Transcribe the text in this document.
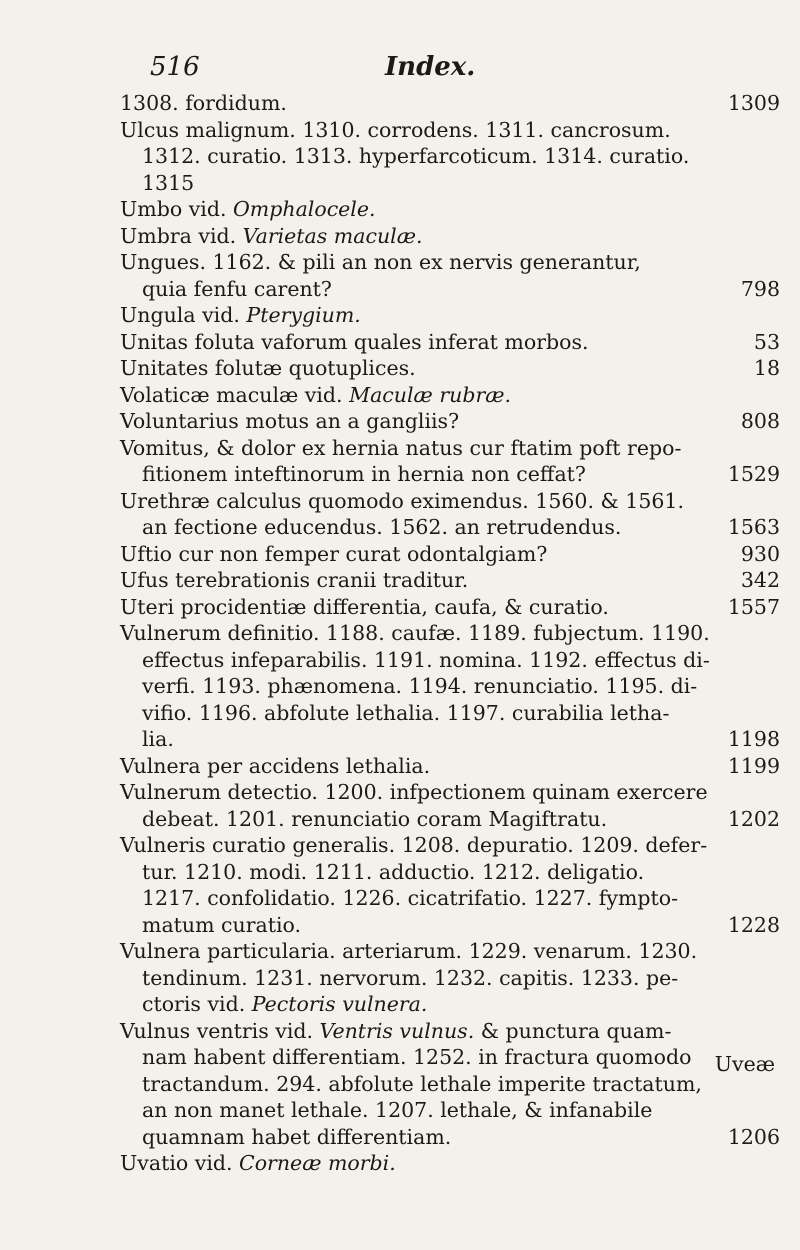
516	Index.
1308. fordidum.	1309
Ulcus malignum. 1310. corrodens. 1311. cancrosum.
1312. curatio. 1313. hyperfarcoticum. 1314. curatio.
1315
Umbo vid. Omphalocele.
Umbra vid. Varietas maculæ.
Ungues. 1162. & pili an non ex nervis generantur,
quia fenfu carent?	798
Ungula vid. Pterygium.
Unitas foluta vaforum quales inferat morbos.	53
Unitates folutæ quotuplices.	18
Volaticæ maculæ vid. Maculæ rubræ.
Voluntarius motus an a gangliis?	808
Vomitus, & dolor ex hernia natus cur ftatim poft repo-
fitionem inteftinorum in hernia non ceffat?	1529
Urethræ calculus quomodo eximendus. 1560. & 1561.
an fectione educendus. 1562. an retrudendus.	1563
Uftio cur non femper curat odontalgiam?	930
Ufus terebrationis cranii traditur.	342
Uteri procidentiæ differentia, caufa, & curatio.	1557
Vulnerum definitio. 1188. caufæ. 1189. fubjectum. 1190.
effectus infeparabilis. 1191. nomina. 1192. effectus di-
verfi. 1193. phænomena. 1194. renunciatio. 1195. di-
vifio. 1196. abfolute lethalia. 1197. curabilia letha-
lia.	1198
Vulnera per accidens lethalia.	1199
Vulnerum detectio. 1200. infpectionem quinam exercere
debeat. 1201. renunciatio coram Magiftratu.	1202
Vulneris curatio generalis. 1208. depuratio. 1209. defer-
tur. 1210. modi. 1211. adductio. 1212. deligatio.
1217. confolidatio. 1226. cicatrifatio. 1227. fympto-
matum curatio.	1228
Vulnera particularia. arteriarum. 1229. venarum. 1230.
tendinum. 1231. nervorum. 1232. capitis. 1233. pe-
ctoris vid. Pectoris vulnera.
Vulnus ventris vid. Ventris vulnus. & punctura quam-
nam habent differentiam. 1252. in fractura quomodo
tractandum. 294. abfolute lethale imperite tractatum,
an non manet lethale. 1207. lethale, & infanabile
quamnam habet differentiam.	1206
Uvatio vid. Corneæ morbi.
Uveæ
